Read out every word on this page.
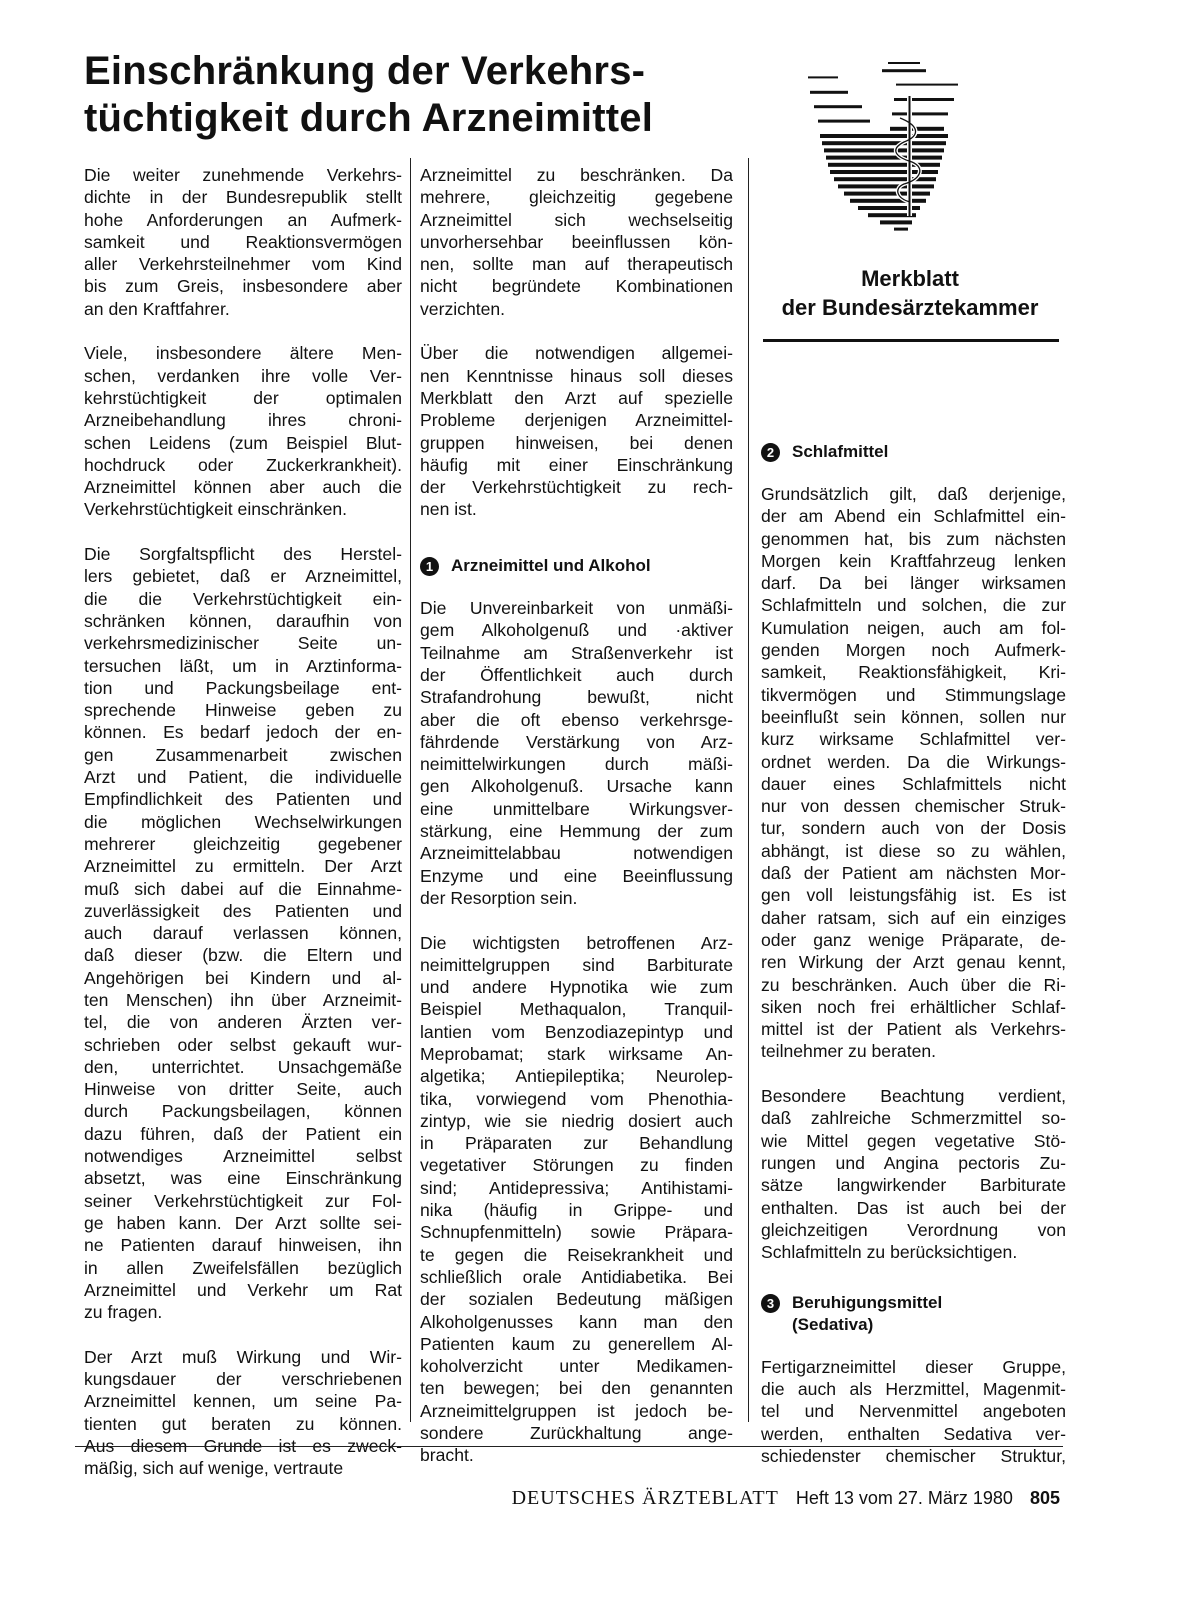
Einschränkung der Verkehrs-
tüchtigkeit durch Arzneimittel
Merkblatt
der Bundesärztekammer
Die weiter zunehmende Verkehrs-
dichte in der Bundesrepublik stellt
hohe Anforderungen an Aufmerk-
samkeit und Reaktionsvermögen
aller Verkehrsteilnehmer vom Kind
bis zum Greis, insbesondere aber
an den Kraftfahrer.
Viele, insbesondere ältere Men-
schen, verdanken ihre volle Ver-
kehrstüchtigkeit der optimalen
Arzneibehandlung ihres chroni-
schen Leidens (zum Beispiel Blut-
hochdruck oder Zuckerkrankheit).
Arzneimittel können aber auch die
Verkehrstüchtigkeit einschränken.
Die Sorgfaltspflicht des Herstel-
lers gebietet, daß er Arzneimittel,
die die Verkehrstüchtigkeit ein-
schränken können, daraufhin von
verkehrsmedizinischer Seite un-
tersuchen läßt, um in Arztinforma-
tion und Packungsbeilage ent-
sprechende Hinweise geben zu
können. Es bedarf jedoch der en-
gen Zusammenarbeit zwischen
Arzt und Patient, die individuelle
Empfindlichkeit des Patienten und
die möglichen Wechselwirkungen
mehrerer gleichzeitig gegebener
Arzneimittel zu ermitteln. Der Arzt
muß sich dabei auf die Einnahme-
zuverlässigkeit des Patienten und
auch darauf verlassen können,
daß dieser (bzw. die Eltern und
Angehörigen bei Kindern und al-
ten Menschen) ihn über Arzneimit-
tel, die von anderen Ärzten ver-
schrieben oder selbst gekauft wur-
den, unterrichtet. Unsachgemäße
Hinweise von dritter Seite, auch
durch Packungsbeilagen, können
dazu führen, daß der Patient ein
notwendiges Arzneimittel selbst
absetzt, was eine Einschränkung
seiner Verkehrstüchtigkeit zur Fol-
ge haben kann. Der Arzt sollte sei-
ne Patienten darauf hinweisen, ihn
in allen Zweifelsfällen bezüglich
Arzneimittel und Verkehr um Rat
zu fragen.
Der Arzt muß Wirkung und Wir-
kungsdauer der verschriebenen
Arzneimittel kennen, um seine Pa-
tienten gut beraten zu können.
Aus diesem Grunde ist es zweck-
mäßig, sich auf wenige, vertraute
Arzneimittel zu beschränken. Da
mehrere, gleichzeitig gegebene
Arzneimittel sich wechselseitig
unvorhersehbar beeinflussen kön-
nen, sollte man auf therapeutisch
nicht begründete Kombinationen
verzichten.
Über die notwendigen allgemei-
nen Kenntnisse hinaus soll dieses
Merkblatt den Arzt auf spezielle
Probleme derjenigen Arzneimittel-
gruppen hinweisen, bei denen
häufig mit einer Einschränkung
der Verkehrstüchtigkeit zu rech-
nen ist.
1	Arzneimittel und Alkohol
Die Unvereinbarkeit von unmäßi-
gem Alkoholgenuß und ·aktiver
Teilnahme am Straßenverkehr ist
der Öffentlichkeit auch durch
Strafandrohung bewußt, nicht
aber die oft ebenso verkehrsge-
fährdende Verstärkung von Arz-
neimittelwirkungen durch mäßi-
gen Alkoholgenuß. Ursache kann
eine unmittelbare Wirkungsver-
stärkung, eine Hemmung der zum
Arzneimittelabbau notwendigen
Enzyme und eine Beeinflussung
der Resorption sein.
Die wichtigsten betroffenen Arz-
neimittelgruppen sind Barbiturate
und andere Hypnotika wie zum
Beispiel Methaqualon, Tranquil-
lantien vom Benzodiazepintyp und
Meprobamat; stark wirksame An-
algetika; Antiepileptika; Neurolep-
tika, vorwiegend vom Phenothia-
zintyp, wie sie niedrig dosiert auch
in Präparaten zur Behandlung
vegetativer Störungen zu finden
sind; Antidepressiva; Antihistami-
nika (häufig in Grippe- und
Schnupfenmitteln) sowie Präpara-
te gegen die Reisekrankheit und
schließlich orale Antidiabetika. Bei
der sozialen Bedeutung mäßigen
Alkoholgenusses kann man den
Patienten kaum zu generellem Al-
koholverzicht unter Medikamen-
ten bewegen; bei den genannten
Arzneimittelgruppen ist jedoch be-
sondere Zurückhaltung ange-
bracht.
2	Schlafmittel
Grundsätzlich gilt, daß derjenige,
der am Abend ein Schlafmittel ein-
genommen hat, bis zum nächsten
Morgen kein Kraftfahrzeug lenken
darf. Da bei länger wirksamen
Schlafmitteln und solchen, die zur
Kumulation neigen, auch am fol-
genden Morgen noch Aufmerk-
samkeit, Reaktionsfähigkeit, Kri-
tikvermögen und Stimmungslage
beeinflußt sein können, sollen nur
kurz wirksame Schlafmittel ver-
ordnet werden. Da die Wirkungs-
dauer eines Schlafmittels nicht
nur von dessen chemischer Struk-
tur, sondern auch von der Dosis
abhängt, ist diese so zu wählen,
daß der Patient am nächsten Mor-
gen voll leistungsfähig ist. Es ist
daher ratsam, sich auf ein einziges
oder ganz wenige Präparate, de-
ren Wirkung der Arzt genau kennt,
zu beschränken. Auch über die Ri-
siken noch frei erhältlicher Schlaf-
mittel ist der Patient als Verkehrs-
teilnehmer zu beraten.
Besondere Beachtung verdient,
daß zahlreiche Schmerzmittel so-
wie Mittel gegen vegetative Stö-
rungen und Angina pectoris Zu-
sätze langwirkender Barbiturate
enthalten. Das ist auch bei der
gleichzeitigen Verordnung von
Schlafmitteln zu berücksichtigen.
3	Beruhigungsmittel
(Sedativa)
Fertigarzneimittel dieser Gruppe,
die auch als Herzmittel, Magenmit-
tel und Nervenmittel angeboten
werden, enthalten Sedativa ver-
schiedenster chemischer Struktur,
DEUTSCHES ÄRZTEBLATT Heft 13 vom 27. März 1980 805
